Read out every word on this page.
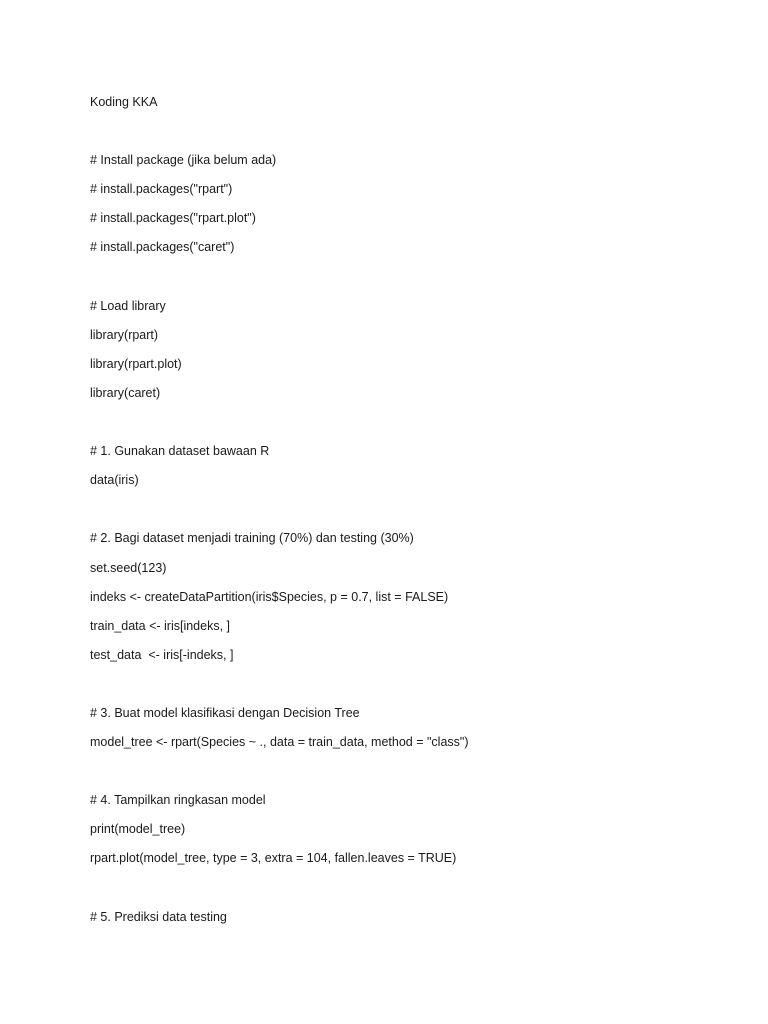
Koding KKA
# Install package (jika belum ada)
# install.packages("rpart")
# install.packages("rpart.plot")
# install.packages("caret")
# Load library
library(rpart)
library(rpart.plot)
library(caret)
# 1. Gunakan dataset bawaan R
data(iris)
# 2. Bagi dataset menjadi training (70%) dan testing (30%)
set.seed(123)
indeks <- createDataPartition(iris$Species, p = 0.7, list = FALSE)
train_data <- iris[indeks, ]
test_data  <- iris[-indeks, ]
# 3. Buat model klasifikasi dengan Decision Tree
model_tree <- rpart(Species ~ ., data = train_data, method = "class")
# 4. Tampilkan ringkasan model
print(model_tree)
rpart.plot(model_tree, type = 3, extra = 104, fallen.leaves = TRUE)
# 5. Prediksi data testing
